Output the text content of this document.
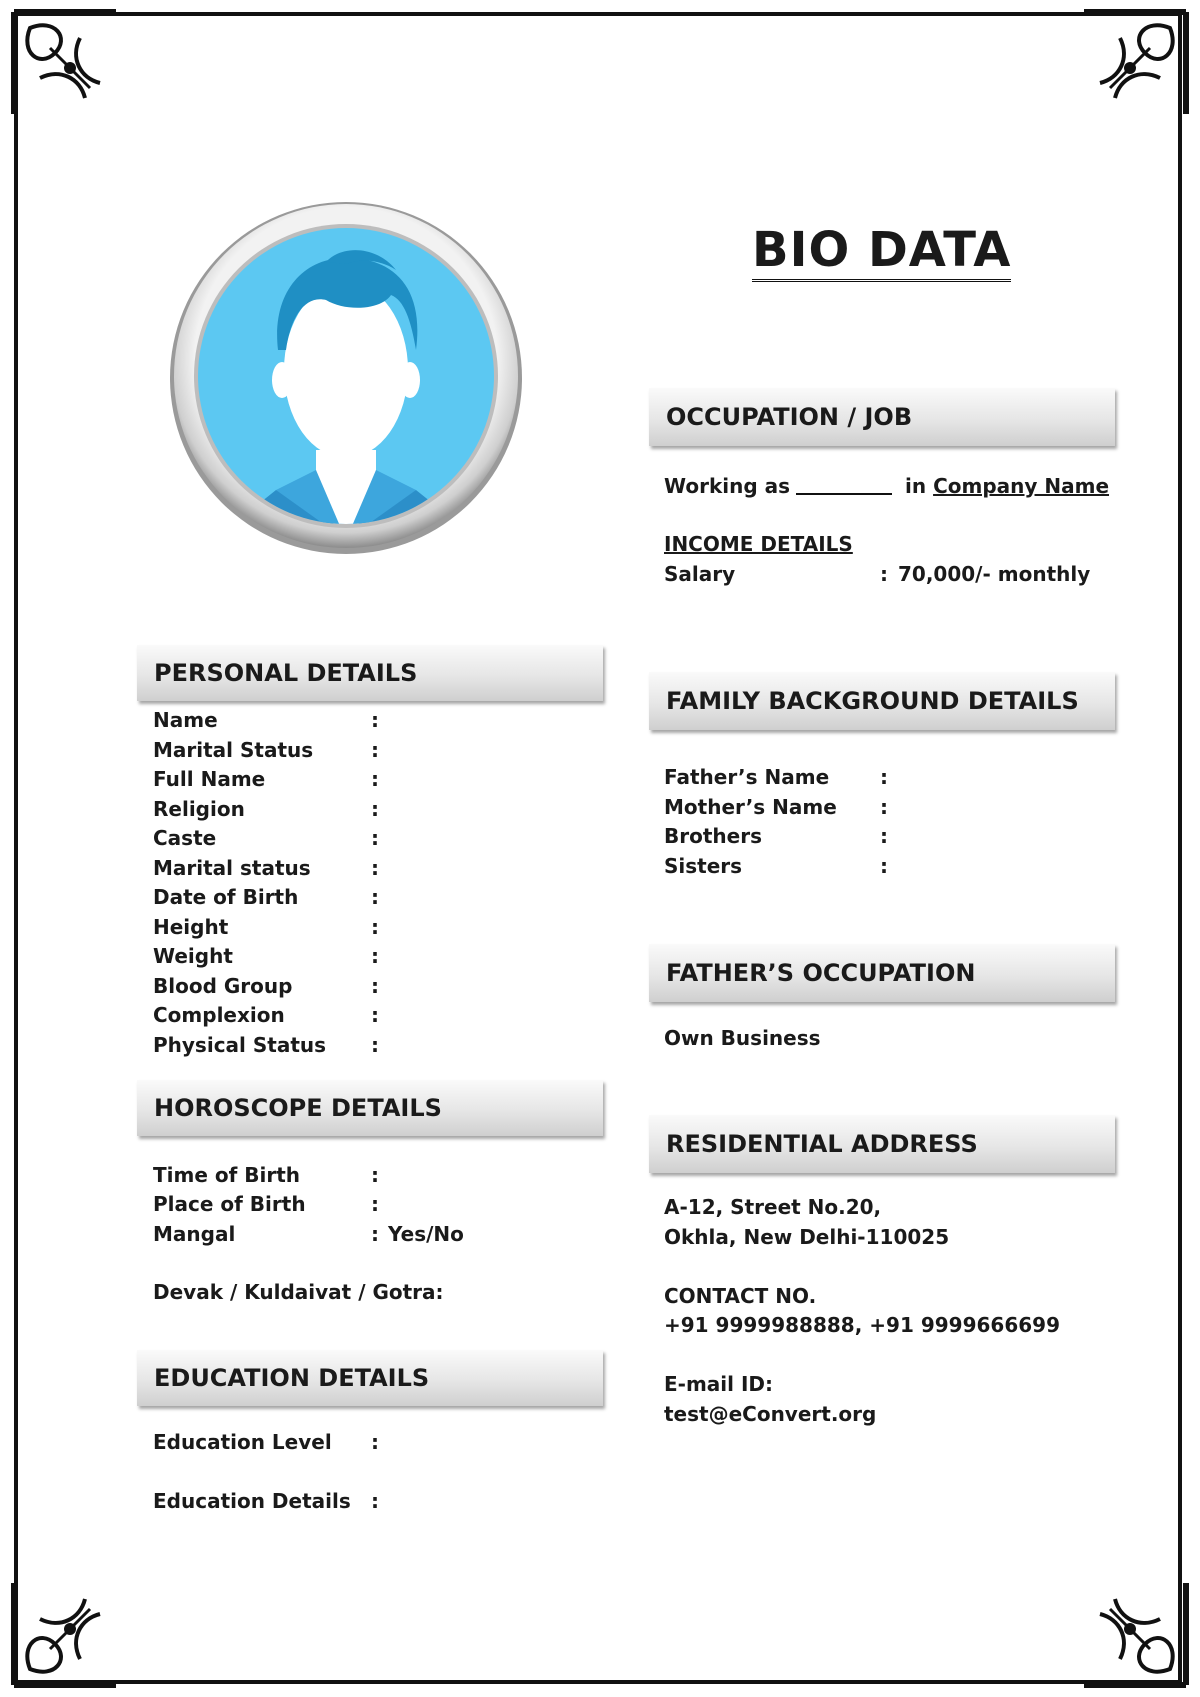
BIO DATA
OCCUPATION / JOB
Working as	in Company Name
INCOME DETAILS
Salary	: 70,000/- monthly
PERSONAL DETAILS
Name	:
Marital Status	:
Full Name	:
Religion	:
Caste	:
Marital status	:
Date of Birth	:
Height	:
Weight	:
Blood Group	:
Complexion	:
Physical Status :
FAMILY BACKGROUND DETAILS
Father’s Name	:
Mother’s Name :
Brothers	:
Sisters	:
FATHER’S OCCUPATION
Own Business
HOROSCOPE DETAILS
Time of Birth	:
Place of Birth	:
Mangal	: Yes/No
Devak / Kuldaivat / Gotra:
RESIDENTIAL ADDRESS
A-12, Street No.20,
Okhla, New Delhi-110025
CONTACT NO.
+91 9999988888, +91 9999666699
E-mail ID:
test@eConvert.org
EDUCATION DETAILS
Education Level :
Education Details :
